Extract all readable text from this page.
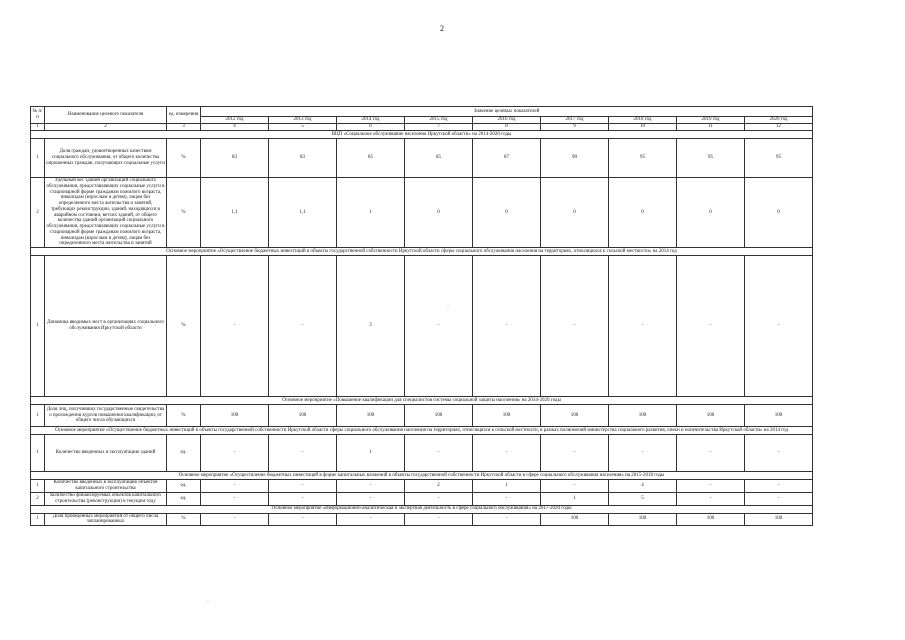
2
№ п/п	Наименование целевого показателя	ед. измерения	Значение целевых показателей								
			2012 год	2013 год	2014 год	2015 год	2016 год	2017 год	2018 год	2019 год	2020 год
1	2	3	4	5	6	7	8	9	10	11	12
ВЦП «Социальное обслуживание населения Иркутской области» на 2014-2020 годы											
1	Доля граждан, удовлетворенных качеством социального обслуживания, от общего количества опрошенных граждан, получающих социальные услуги	%	83	83	85	85	87	90	95	95	95
2	Удельный вес зданий организаций социального обслуживания, предоставляющих социальные услуги в стационарной форме гражданам пожилого возраста, инвалидам (взрослым и детям), лицам без определенного места жительства и занятий, требующих реконструкции, зданий, находящихся в аварийном состоянии, ветхих зданий, от общего количества зданий организаций социального обслуживания, предоставляющих социальные услуги в стационарной форме гражданам пожилого возраста, инвалидам (взрослым и детям), лицам без определенного места жительства и занятий	%	1,1	1,1	1	0	0	0	0	0	0
Основное мероприятие «Осуществление бюджетных инвестиций в объекты государственной собственности Иркутской области сферы социального обслуживания населения на территориях, относящихся к сельской местности» на 2014 год											
1	Динамика вводимых мест в организациях социального обслуживания Иркутской области	%	-	-	3	-	-	-	-	-	-
Основное мероприятие «Повышение квалификации для специалистов системы социальной защиты населения» на 2014-2020 годы											
1	Доля лиц, получивших государственные свидетельства о прохождении курсов повышения квалификации, от общего числа обучающихся	%	100	100	100	100	100	100	100	100	100
Основное мероприятие «Осуществление бюджетных инвестиций в объекты государственной собственности Иркутской области сферы социального обслуживания населения на территориях, относящихся к сельской местности, в рамках полномочий министерства социального развития, опеки и попечительства Иркутской области» на 2014 год											
1	Количество введенных в эксплуатацию зданий	ед.	-	-	1	-	-	-	-	-	-
Основное мероприятие «Осуществление бюджетных инвестиций в форме капитальных вложений в объекты государственной собственности Иркутской области в сфере социального обслуживания населения» на 2015-2018 годы											
1	Количество введенных в эксплуатацию объектов капитального строительства	ед.	-	-	-	2	1	-	4	-	-
2	Количество финансируемых объектов капитального строительства (реконструкции) в текущем году	ед.	-	-	-	-	-	1	5	-	-
Основное мероприятие «Информационно-аналитическая и экспертная деятельность в сфере социального обслуживания» на 2017-2020 годы											
1	Доля проведенных мероприятий от общего числа запланированных	%	-	-	-	-	-	100	100	100	100
·
·
